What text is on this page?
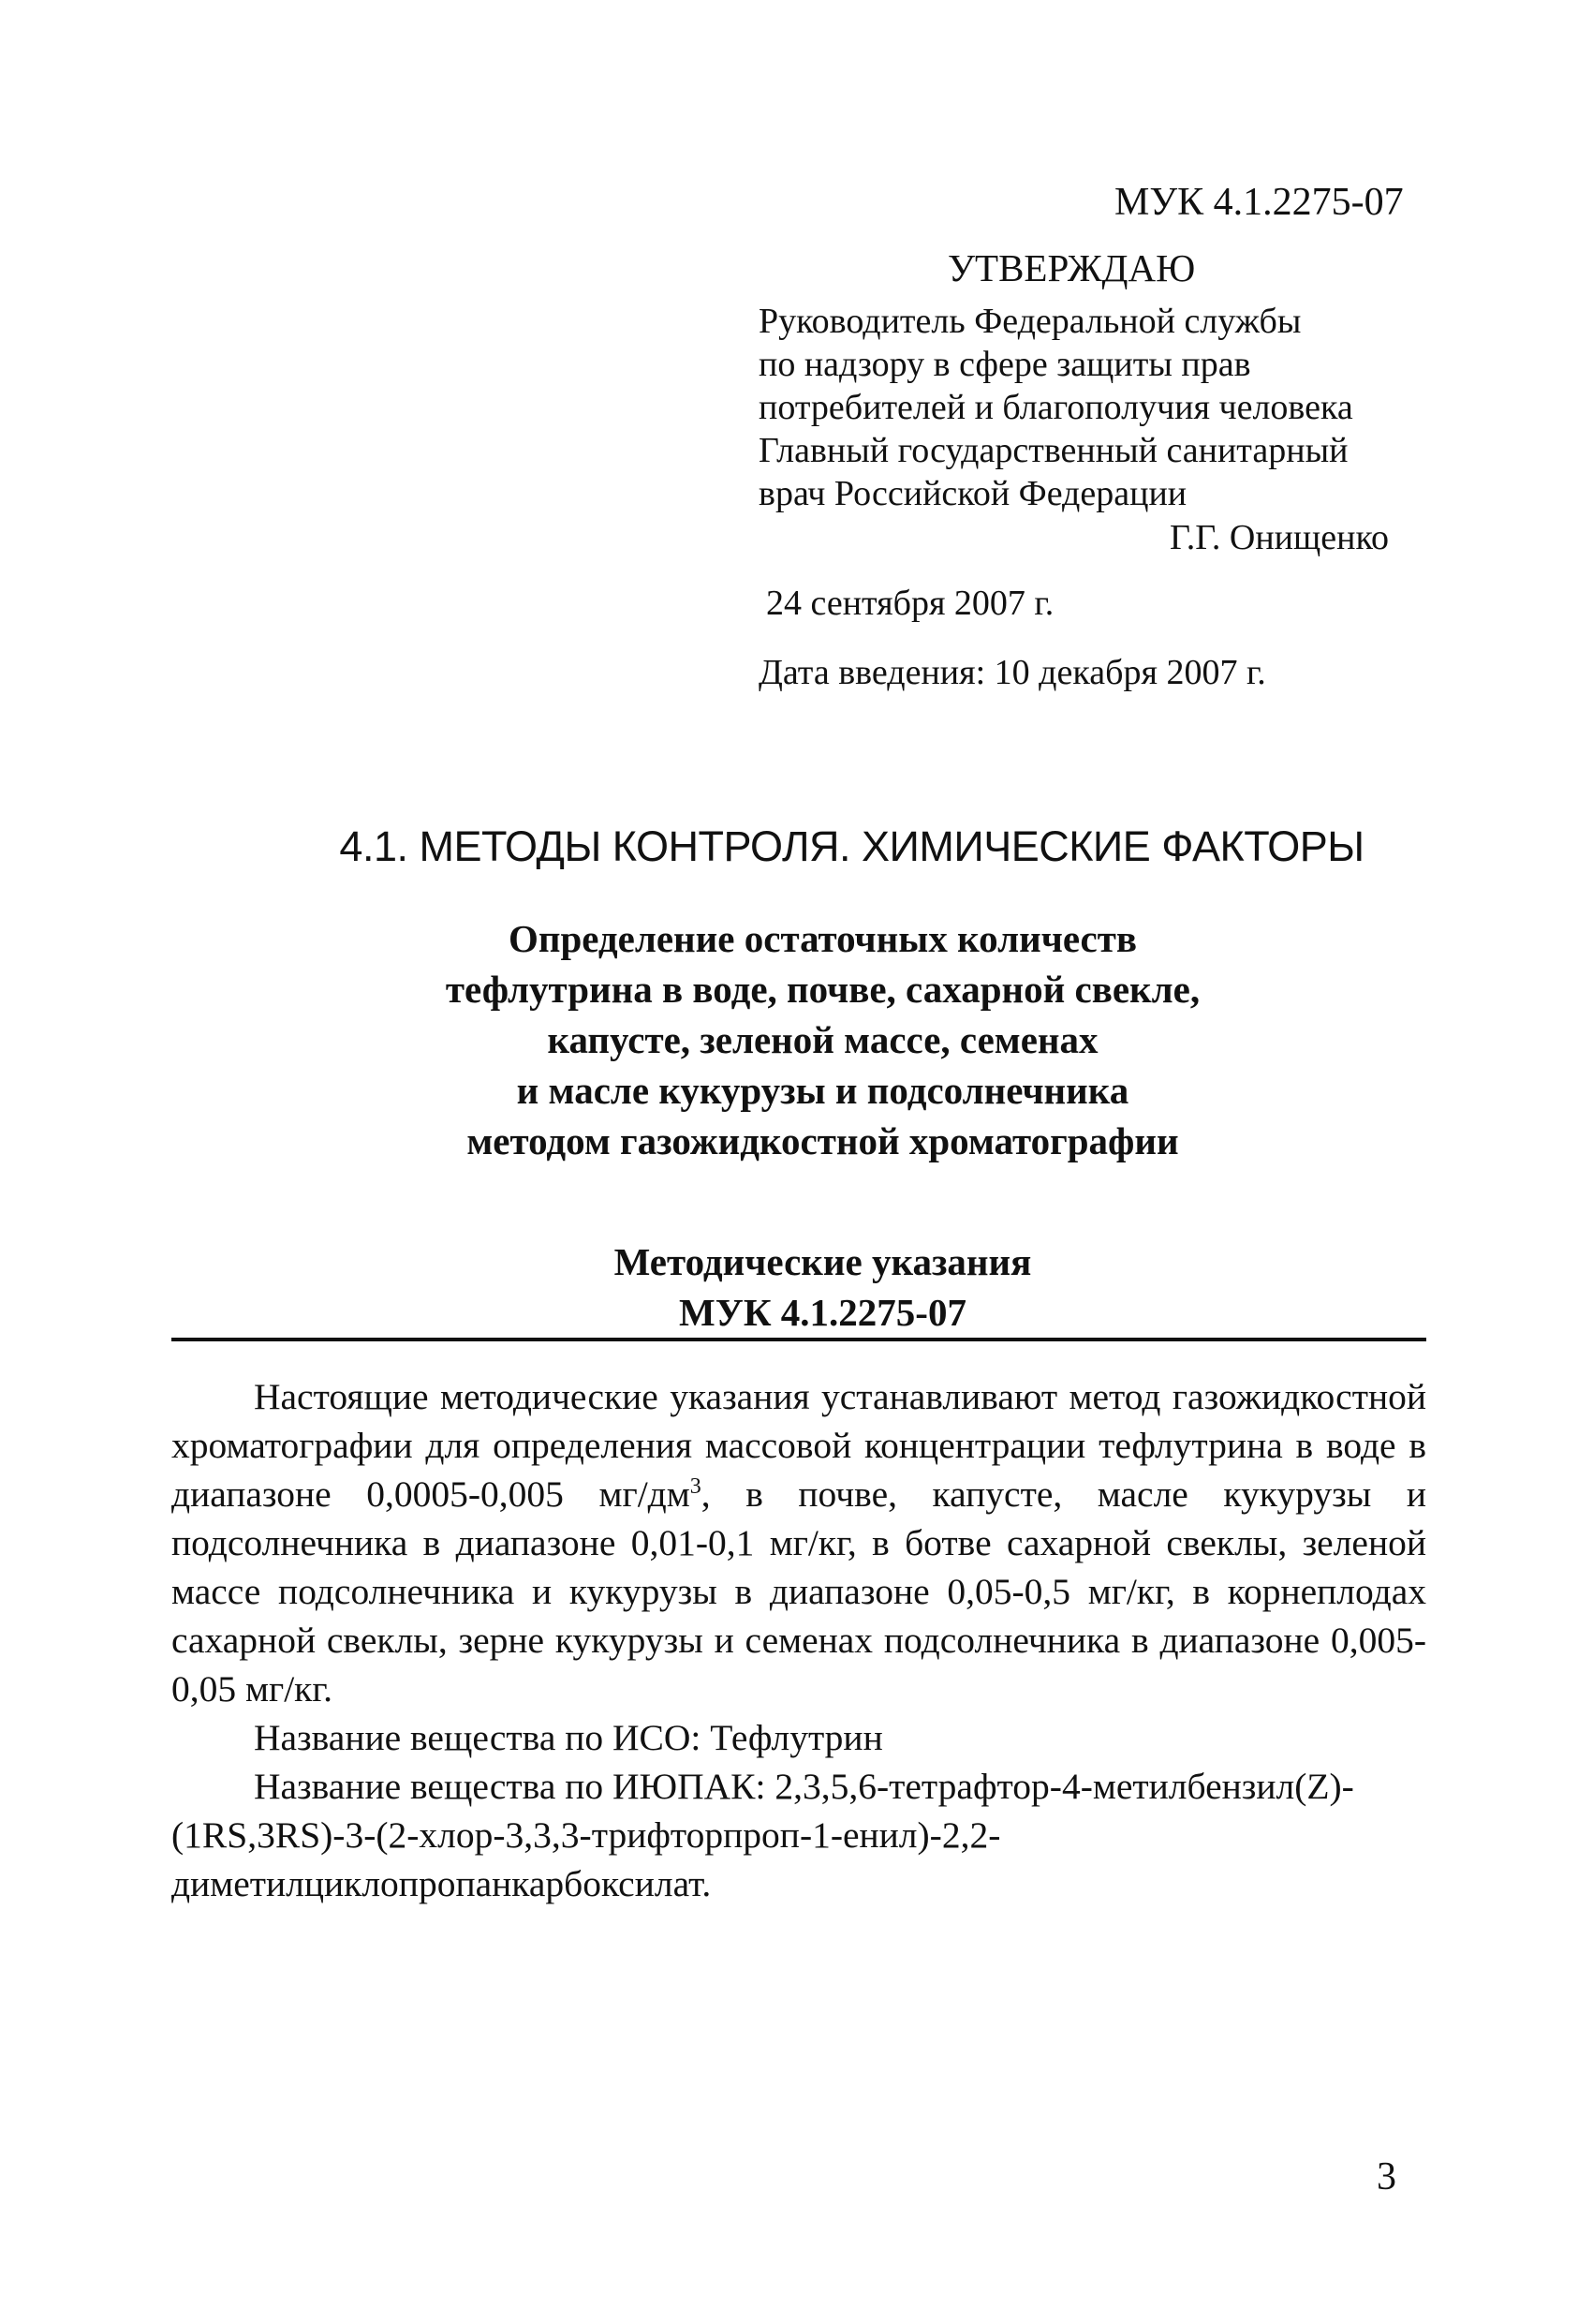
МУК 4.1.2275-07
УТВЕРЖДАЮ
Руководитель Федеральной службы
по надзору в сфере защиты прав
потребителей и благополучия человека
Главный государственный санитарный
врач Российской Федерации
Г.Г. Онищенко
24 сентября 2007 г.
Дата введения: 10 декабря 2007 г.
4.1. МЕТОДЫ КОНТРОЛЯ. ХИМИЧЕСКИЕ ФАКТОРЫ
Определение остаточных количеств
тефлутрина в воде, почве, сахарной свекле,
капусте, зеленой массе, семенах
и масле кукурузы и подсолнечника
методом газожидкостной хроматографии
Методические указания
МУК 4.1.2275-07

Настоящие методические указания устанавливают метод газожидкостной хроматографии для определения массовой концентрации тефлутрина в воде в диапазоне 0,0005-0,005 $мг/дм^3$, в почве, капусте, масле кукурузы и подсолнечника в диапазоне 0,01-0,1 мг/кг, в ботве сахарной свеклы, зеленой массе подсолнечника и кукурузы в диапазоне 0,05-0,5 мг/кг, в корнеплодах сахарной свеклы, зерне кукурузы и семенах подсолнечника в диапазоне 0,005-0,05 мг/кг.

Название вещества по ИСО: Тефлутрин

Название вещества по ИЮПАК: 2,3,5,6-тетрафтор-4-метилбензил(Z)- (1RS,3RS)-3-(2-хлор-3,3,3-трифторпроп-1-енил)-2,2-диметилциклопропанкарбоксилат.

3
